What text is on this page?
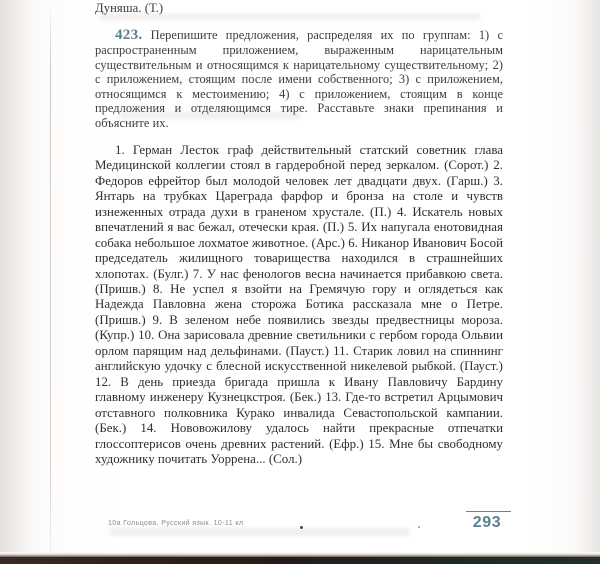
Дуняша. (Т.)

423. Перепишите предложения, распределяя их по группам: 1) с распространенным приложением, выраженным нарицательным существительным и относящимся к нарицательному существительному; 2) с приложением, стоящим после имени собственного; 3) с приложением, относящимся к местоимению; 4) с приложением, стоящим в конце предложения и отделяющимся тире. Расставьте знаки препинания и объясните их.

1. Герман Лесток граф действительный статский советник глава Медицинской коллегии стоял в гардеробной перед зеркалом. (Сорот.) 2. Федоров ефрейтор был молодой человек лет двадцати двух. (Гарш.) 3. Янтарь на трубках Цареграда фарфор и бронза на столе и чувств изнеженных отрада духи в граненом хрустале. (П.) 4. Искатель новых впечатлений я вас бежал, отечески края. (П.) 5. Их напугала енотовидная собака небольшое лохматое животное. (Арс.) 6. Никанор Иванович Босой председатель жилищного товарищества находился в страшнейших хлопотах. (Булг.) 7. У нас фенологов весна начинается прибавкою света. (Пришв.) 8. Не успел я взойти на Гремячую гору и оглядеться как Надежда Павловна жена сторожа Ботика рассказала мне о Петре. (Пришв.) 9. В зеленом небе появились звезды предвестницы мороза. (Купр.) 10. Она зарисовала древние светильники с гербом города Ольвии орлом парящим над дельфинами. (Пауст.) 11. Старик ловил на спиннинг английскую удочку с блесной искусственной никелевой рыбкой. (Пауст.) 12. В день приезда бригада пришла к Ивану Павловичу Бардину главному инженеру Кузнецкстроя. (Бек.) 13. Где-то встретил Арцымович отставного полковника Курако инвалида Севастопольской кампании. (Бек.) 14. Нововожилову удалось найти прекрасные отпечатки глоссоптерисов очень древних растений. (Ефр.) 15. Мне бы свободному художнику почитать Уоррена... (Сол.)

10а Гольцова. Русский язык. 10-11 кл	293
